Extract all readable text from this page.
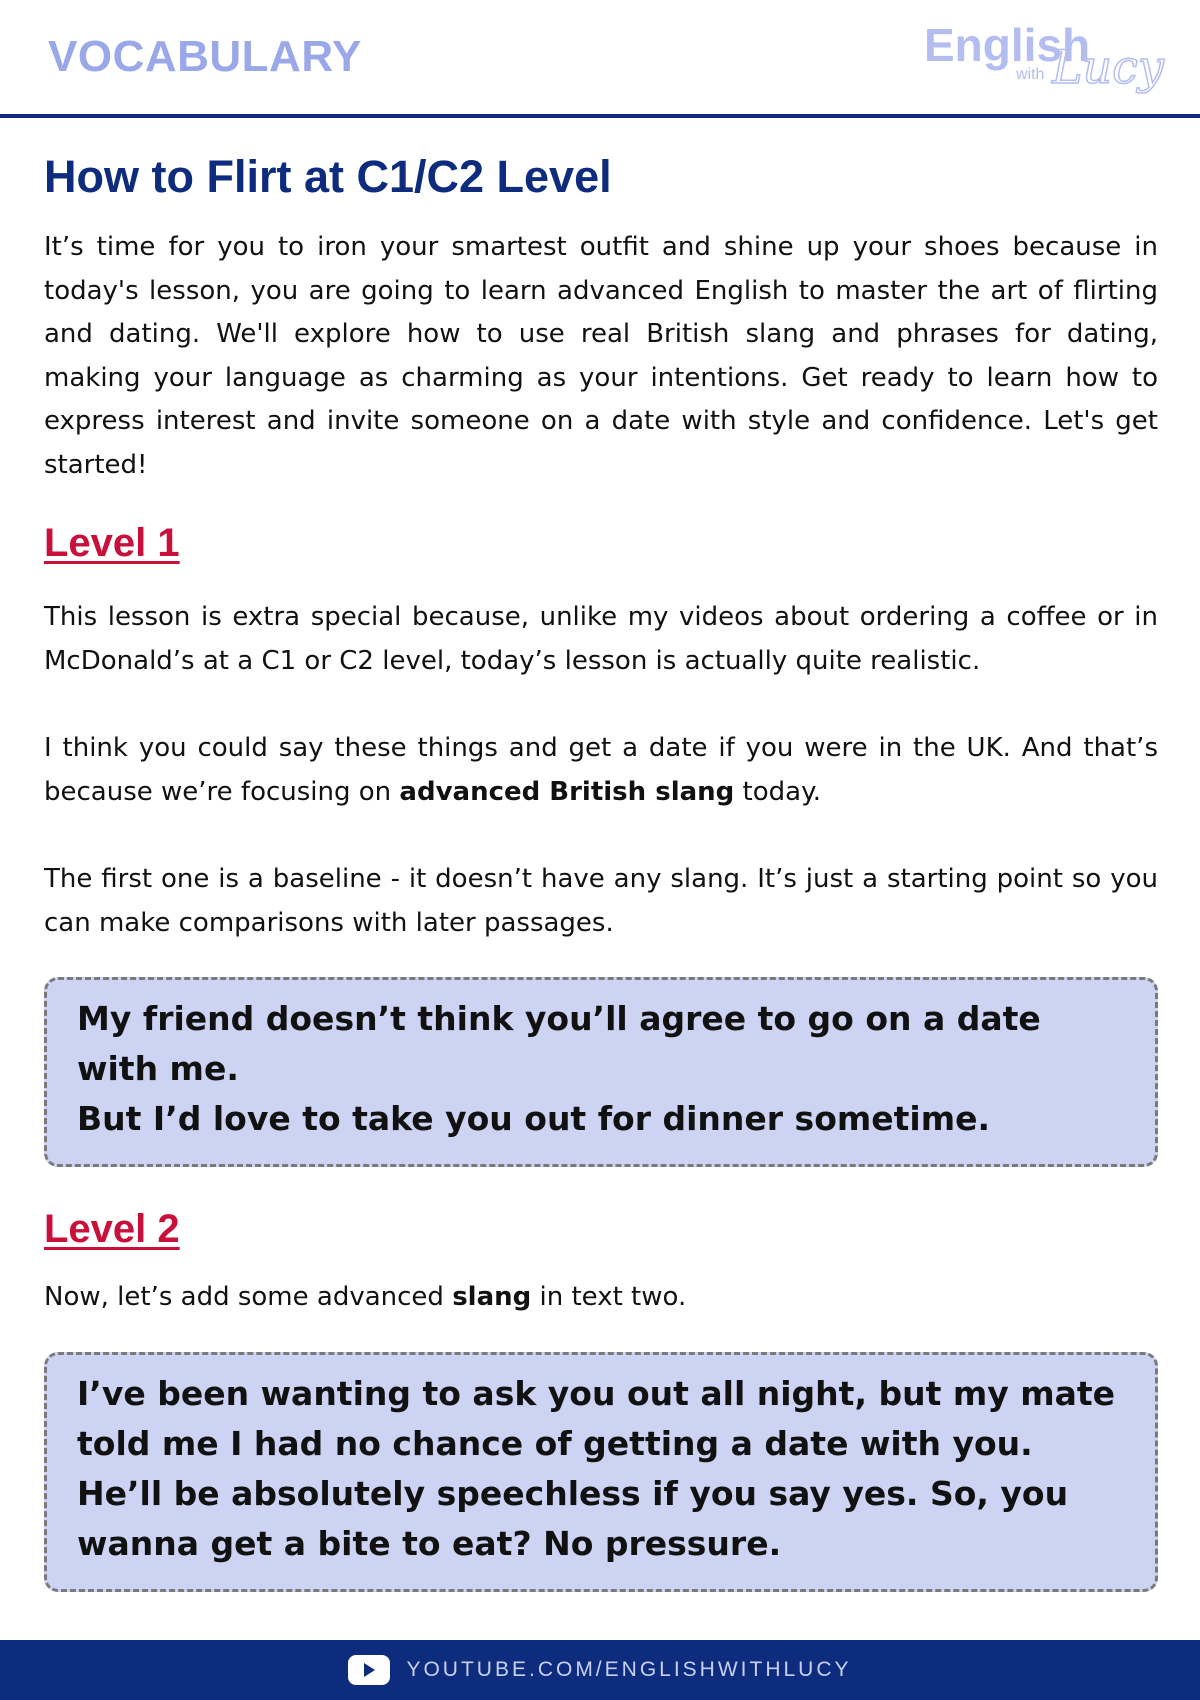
VOCABULARY	English
with Lucy
How to Flirt at C1/C2 Level

It’s time for you to iron your smartest outfit and shine up your shoes because in today's lesson, you are going to learn advanced English to master the art of flirting and dating. We'll explore how to use real British slang and phrases for dating, making your language as charming as your intentions. Get ready to learn how to express interest and invite someone on a date with style and confidence. Let's get started!

Level 1

This lesson is extra special because, unlike my videos about ordering a coffee or in McDonald’s at a C1 or C2 level, today’s lesson is actually quite realistic.

I think you could say these things and get a date if you were in the UK. And that’s because we’re focusing on advanced British slang today.

The first one is a baseline - it doesn’t have any slang. It’s just a starting point so you can make comparisons with later passages.

My friend doesn’t think you’ll agree to go on a date with me.
But I’d love to take you out for dinner sometime.
Level 2

Now, let’s add some advanced slang in text two.

I’ve been wanting to ask you out all night, but my mate told me I had no chance of getting a date with you. He’ll be absolutely speechless if you say yes. So, you wanna get a bite to eat? No pressure.
YOUTUBE.COM/ENGLISHWITHLUCY
